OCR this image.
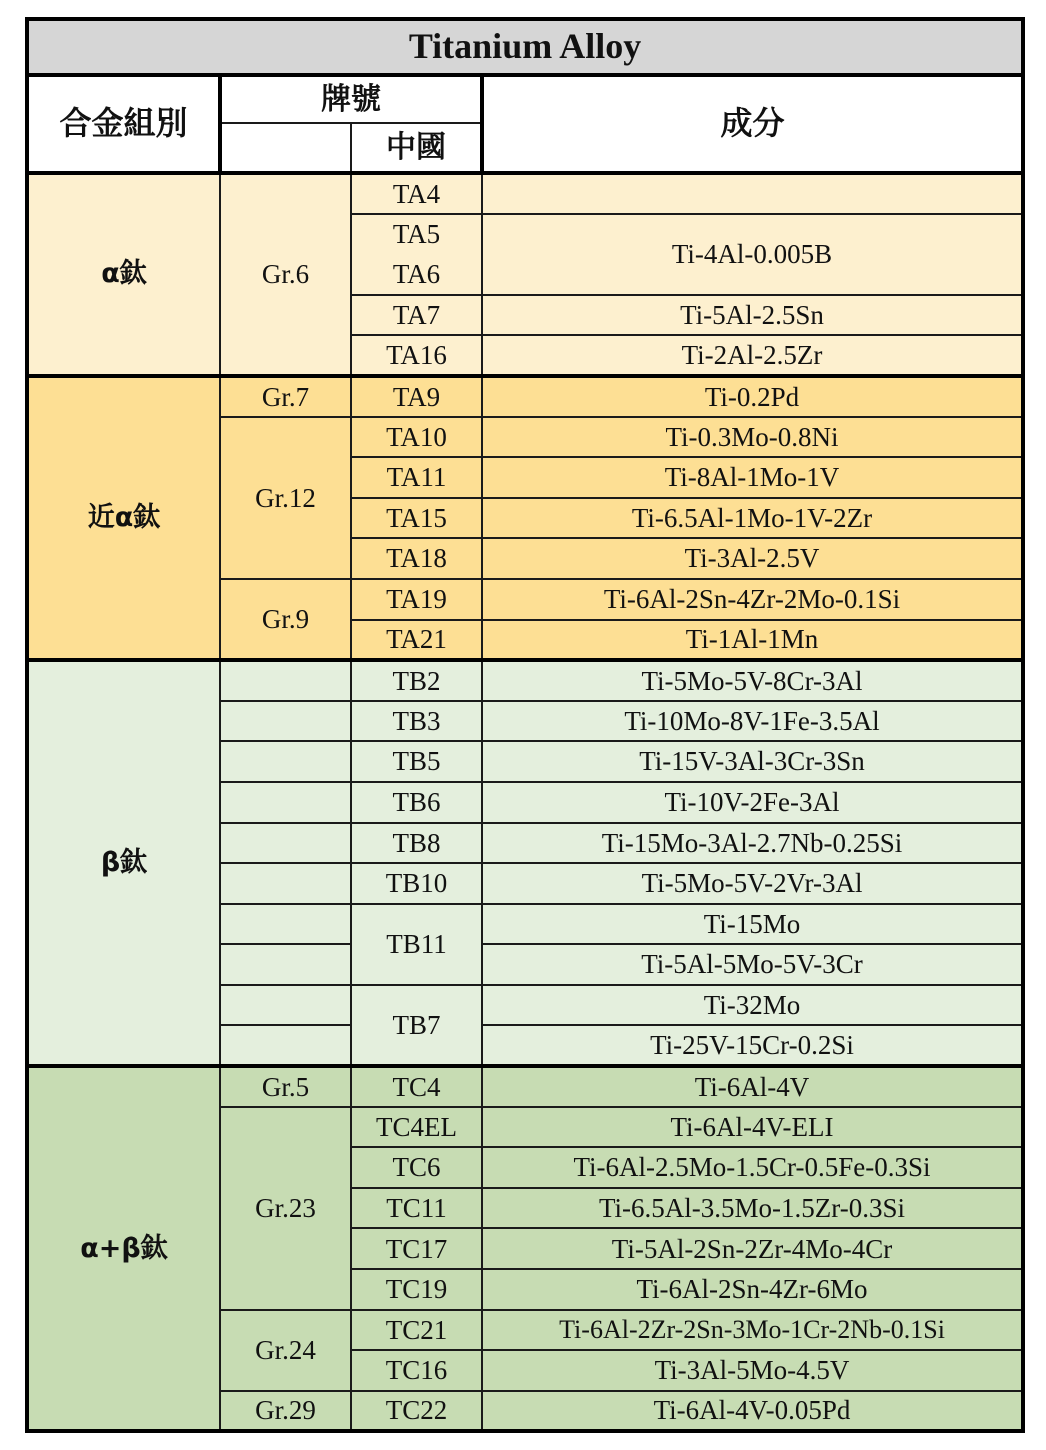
Titanium Alloy			
合金組別	牌號		成分
		中國	
α鈦	Gr.6	TA4	
		TA5	Ti-4Al-0.005B
		TA6	
		TA7	Ti-5Al-2.5Sn
		TA16	Ti-2Al-2.5Zr
近α鈦	Gr.7	TA9	Ti-0.2Pd
	Gr.12	TA10	Ti-0.3Mo-0.8Ni
		TA11	Ti-8Al-1Mo-1V
		TA15	Ti-6.5Al-1Mo-1V-2Zr
		TA18	Ti-3Al-2.5V
	Gr.9	TA19	Ti-6Al-2Sn-4Zr-2Mo-0.1Si
		TA21	Ti-1Al-1Mn
β鈦		TB2	Ti-5Mo-5V-8Cr-3Al
		TB3	Ti-10Mo-8V-1Fe-3.5Al
		TB5	Ti-15V-3Al-3Cr-3Sn
		TB6	Ti-10V-2Fe-3Al
		TB8	Ti-15Mo-3Al-2.7Nb-0.25Si
		TB10	Ti-5Mo-5V-2Vr-3Al
		TB11	Ti-15Mo
			Ti-5Al-5Mo-5V-3Cr
		TB7	Ti-32Mo
			Ti-25V-15Cr-0.2Si
α+β鈦	Gr.5	TC4	Ti-6Al-4V
	Gr.23	TC4EL	Ti-6Al-4V-ELI
		TC6	Ti-6Al-2.5Mo-1.5Cr-0.5Fe-0.3Si
		TC11	Ti-6.5Al-3.5Mo-1.5Zr-0.3Si
		TC17	Ti-5Al-2Sn-2Zr-4Mo-4Cr
		TC19	Ti-6Al-2Sn-4Zr-6Mo
	Gr.24	TC21	Ti-6Al-2Zr-2Sn-3Mo-1Cr-2Nb-0.1Si
		TC16	Ti-3Al-5Mo-4.5V
	Gr.29	TC22	Ti-6Al-4V-0.05Pd
